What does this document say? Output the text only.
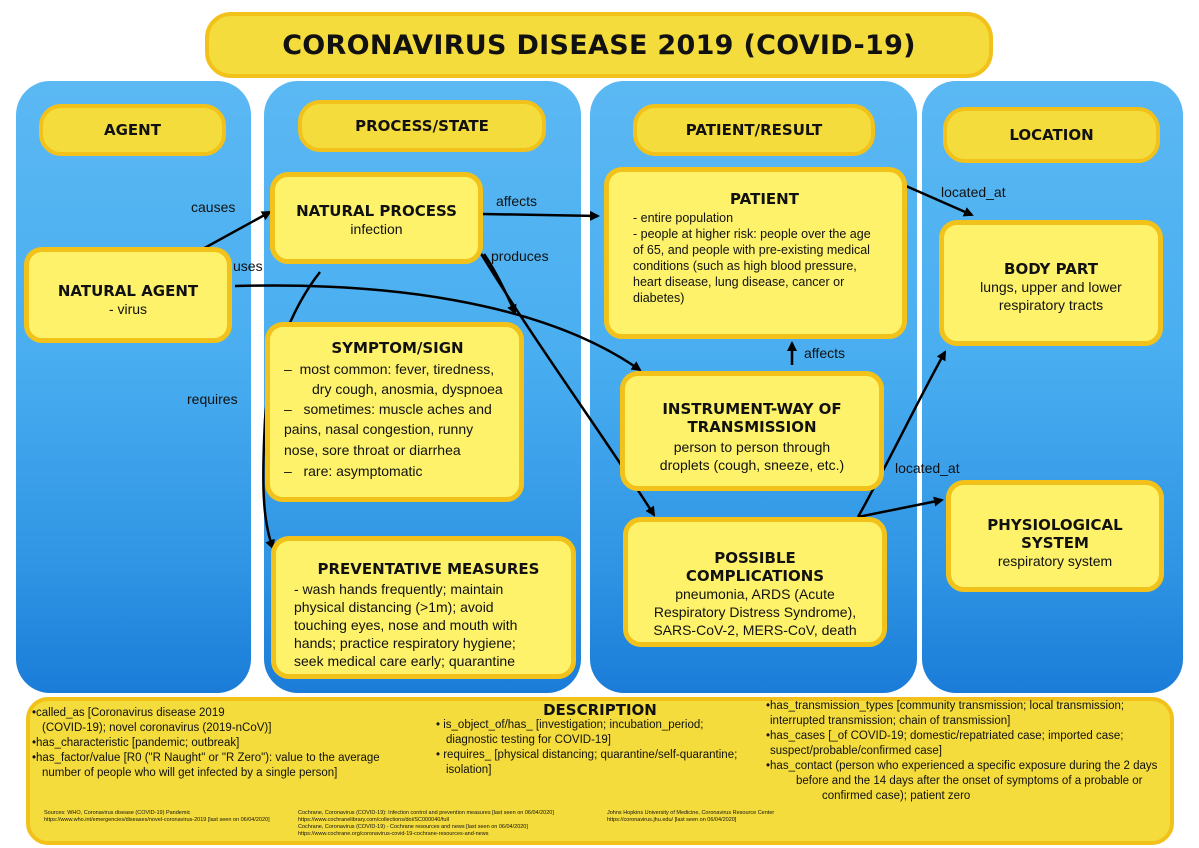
CORONAVIRUS DISEASE 2019 (COVID-19)
AGENT	PROCESS/STATE	PATIENT/RESULT	LOCATION
causes
uses
requires
affects
produces
affects
located_at
located_at
NATURAL AGENT
- virus
NATURAL PROCESS
infection
SYMPTOM/SIGN
–  most common: fever, tiredness,
dry cough, anosmia, dyspnoea
–   sometimes: muscle aches and
pains, nasal congestion, runny
nose, sore throat or diarrhea
–   rare: asymptomatic
PREVENTATIVE MEASURES
- wash hands frequently; maintain
physical distancing (>1m); avoid
touching eyes, nose and mouth with
hands; practice respiratory hygiene;
seek medical care early; quarantine
PATIENT
- entire population
- people at higher risk: people over the age
of 65, and people with pre-existing medical
conditions (such as high blood pressure,
heart disease, lung disease, cancer or
diabetes)
INSTRUMENT-WAY OF
TRANSMISSION
person to person through
droplets (cough, sneeze, etc.)
POSSIBLE
COMPLICATIONS
pneumonia, ARDS (Acute
Respiratory Distress Syndrome),
SARS-CoV-2, MERS-CoV, death
BODY PART
lungs, upper and lower
respiratory tracts
PHYSIOLOGICAL
SYSTEM
respiratory system
DESCRIPTION
•called_as [Coronavirus disease 2019
(COVID-19); novel coronavirus (2019-nCoV)]
•has_characteristic [pandemic; outbreak]
•has_factor/value [R0 ("R Naught" or "R Zero"): value to the average
number of people who will get infected by a single person]
• is_object_of/has_ [investigation; incubation_period;
diagnostic testing for COVID-19]
• requires_ [physical distancing; quarantine/self-quarantine;
isolation]
•has_transmission_types [community transmission; local transmission;
interrupted transmission; chain of transmission]
•has_cases [_of COVID-19; domestic/repatriated case; imported case;
suspect/probable/confirmed case]
•has_contact (person who experienced a specific exposure during the 2 days
before and the 14 days after the onset of symptoms of a probable or
confirmed case); patient zero
Sources: WHO, Coronavirus disease (COVID-19) Pandemic
https://www.who.int/emergencies/diseases/novel-coronavirus-2019 [last seen on 06/04/2020]
Cochrane, Coronavirus (COVID-19): Infection control and prevention measures [last seen on 06/04/2020]
https://www.cochranelibrary.com/collections/doi/SC000040/full
Cochrane, Coronavirus (COVID-19) - Cochrane resources and news [last seen on 06/04/2020]
https://www.cochrane.org/coronavirus-covid-19-cochrane-resources-and-news
Johns Hopkins University of Medicine, Coronavirus Resource Center
https://coronavirus.jhu.edu/ [last seen on 06/04/2020]
